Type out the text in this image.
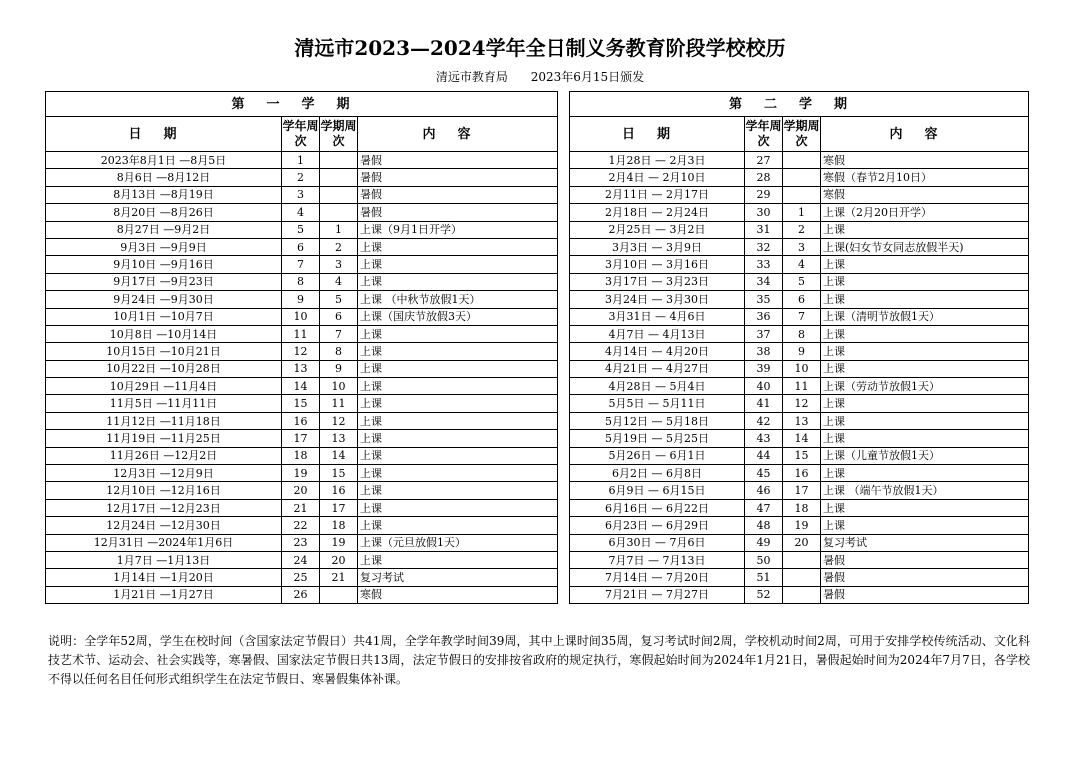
清远市2023—2024学年全日制义务教育阶段学校校历
清远市教育局 2023年6月15日颁发
第一学期					第二学期			
日期	学年周次	学期周次	内容		日期	学年周次	学期周次	内容
2023年8月1日 —8月5日	1		暑假		1月28日 — 2月3日	27		寒假
8月6日 —8月12日	2		暑假		2月4日 — 2月10日	28		寒假（春节2月10日）
8月13日 —8月19日	3		暑假		2月11日 — 2月17日	29		寒假
8月20日 —8月26日	4		暑假		2月18日 — 2月24日	30	1	上课（2月20日开学）
8月27日 —9月2日	5	1	上课（9月1日开学）		2月25日 — 3月2日	31	2	上课
9月3日 —9月9日	6	2	上课		3月3日 — 3月9日	32	3	上课(妇女节女同志放假半天)
9月10日 —9月16日	7	3	上课		3月10日 — 3月16日	33	4	上课
9月17日 —9月23日	8	4	上课		3月17日 — 3月23日	34	5	上课
9月24日 —9月30日	9	5	上课 （中秋节放假1天）		3月24日 — 3月30日	35	6	上课
10月1日 —10月7日	10	6	上课（国庆节放假3天）		3月31日 — 4月6日	36	7	上课（清明节放假1天）
10月8日 —10月14日	11	7	上课		4月7日 — 4月13日	37	8	上课
10月15日 —10月21日	12	8	上课		4月14日 — 4月20日	38	9	上课
10月22日 —10月28日	13	9	上课		4月21日 — 4月27日	39	10	上课
10月29日 —11月4日	14	10	上课		4月28日 — 5月4日	40	11	上课（劳动节放假1天）
11月5日 —11月11日	15	11	上课		5月5日 — 5月11日	41	12	上课
11月12日 —11月18日	16	12	上课		5月12日 — 5月18日	42	13	上课
11月19日 —11月25日	17	13	上课		5月19日 — 5月25日	43	14	上课
11月26日 —12月2日	18	14	上课		5月26日 — 6月1日	44	15	上课（儿童节放假1天）
12月3日 —12月9日	19	15	上课		6月2日 — 6月8日	45	16	上课
12月10日 —12月16日	20	16	上课		6月9日 — 6月15日	46	17	上课 （端午节放假1天）
12月17日 —12月23日	21	17	上课		6月16日 — 6月22日	47	18	上课
12月24日 —12月30日	22	18	上课		6月23日 — 6月29日	48	19	上课
12月31日 —2024年1月6日	23	19	上课（元旦放假1天）		6月30日 — 7月6日	49	20	复习考试
1月7日 —1月13日	24	20	上课		7月7日 — 7月13日	50		暑假
1月14日 —1月20日	25	21	复习考试		7月14日 — 7月20日	51		暑假
1月21日 —1月27日	26		寒假		7月21日 — 7月27日	52		暑假
说明：全学年52周，学生在校时间（含国家法定节假日）共41周，全学年教学时间39周，其中上课时间35周，复习考试时间2周，学校机动时间2周，可用于安排学校传统活动、文化科技艺术节、运动会、社会实践等，寒暑假、国家法定节假日共13周，法定节假日的安排按省政府的规定执行，寒假起始时间为2024年1月21日，暑假起始时间为2024年7月7日，各学校不得以任何名目任何形式组织学生在法定节假日、寒暑假集体补课。
